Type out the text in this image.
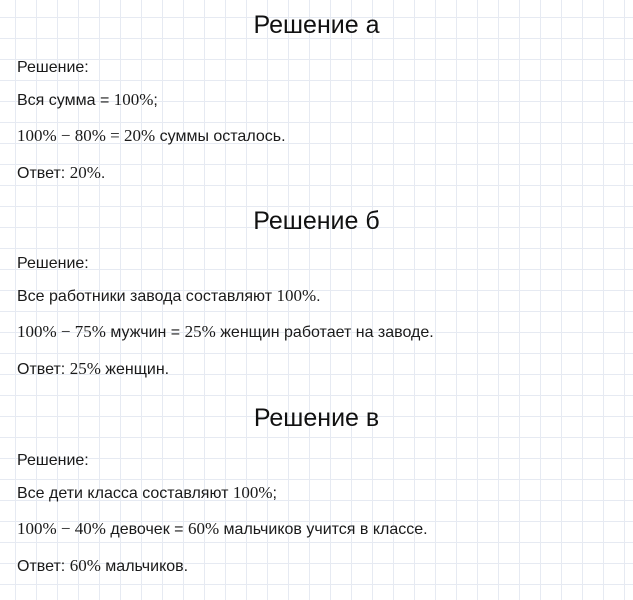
Решение а
Решение:
Вся сумма = 100%;
100% − 80% = 20% суммы осталось.
Ответ: 20%.
Решение б
Решение:
Все работники завода составляют 100%.
100% − 75% мужчин = 25% женщин работает на заводе.
Ответ: 25% женщин.
Решение в
Решение:
Все дети класса составляют 100%;
100% − 40% девочек = 60% мальчиков учится в классе.
Ответ: 60% мальчиков.
